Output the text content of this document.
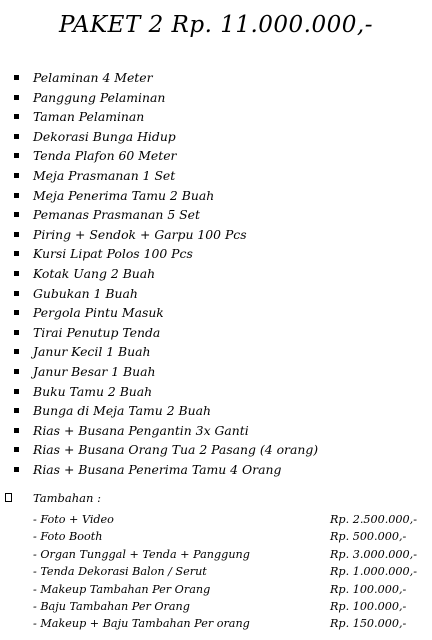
PAKET 2 Rp. 11.000.000,-
Pelaminan 4 Meter
Panggung Pelaminan
Taman Pelaminan
Dekorasi Bunga Hidup
Tenda Plafon 60 Meter
Meja Prasmanan 1 Set
Meja Penerima Tamu 2 Buah
Pemanas Prasmanan 5 Set
Piring + Sendok + Garpu 100 Pcs
Kursi Lipat Polos 100 Pcs
Kotak Uang 2 Buah
Gubukan 1 Buah
Pergola Pintu Masuk
Tirai Penutup Tenda
Janur Kecil 1 Buah
Janur Besar 1 Buah
Buku Tamu 2 Buah
Bunga di Meja Tamu 2 Buah
Rias + Busana Pengantin 3x Ganti
Rias + Busana Orang Tua 2 Pasang (4 orang)
Rias + Busana Penerima Tamu 4 Orang
Tambahan :
- Foto + Video	Rp. 2.500.000,-
- Foto Booth	Rp. 500.000,-
- Organ Tunggal + Tenda + Panggung	Rp. 3.000.000,-
- Tenda Dekorasi Balon / Serut	Rp. 1.000.000,-
- Makeup Tambahan Per Orang	Rp. 100.000,-
- Baju Tambahan Per Orang	Rp. 100.000,-
- Makeup + Baju Tambahan Per orang	Rp. 150.000,-
